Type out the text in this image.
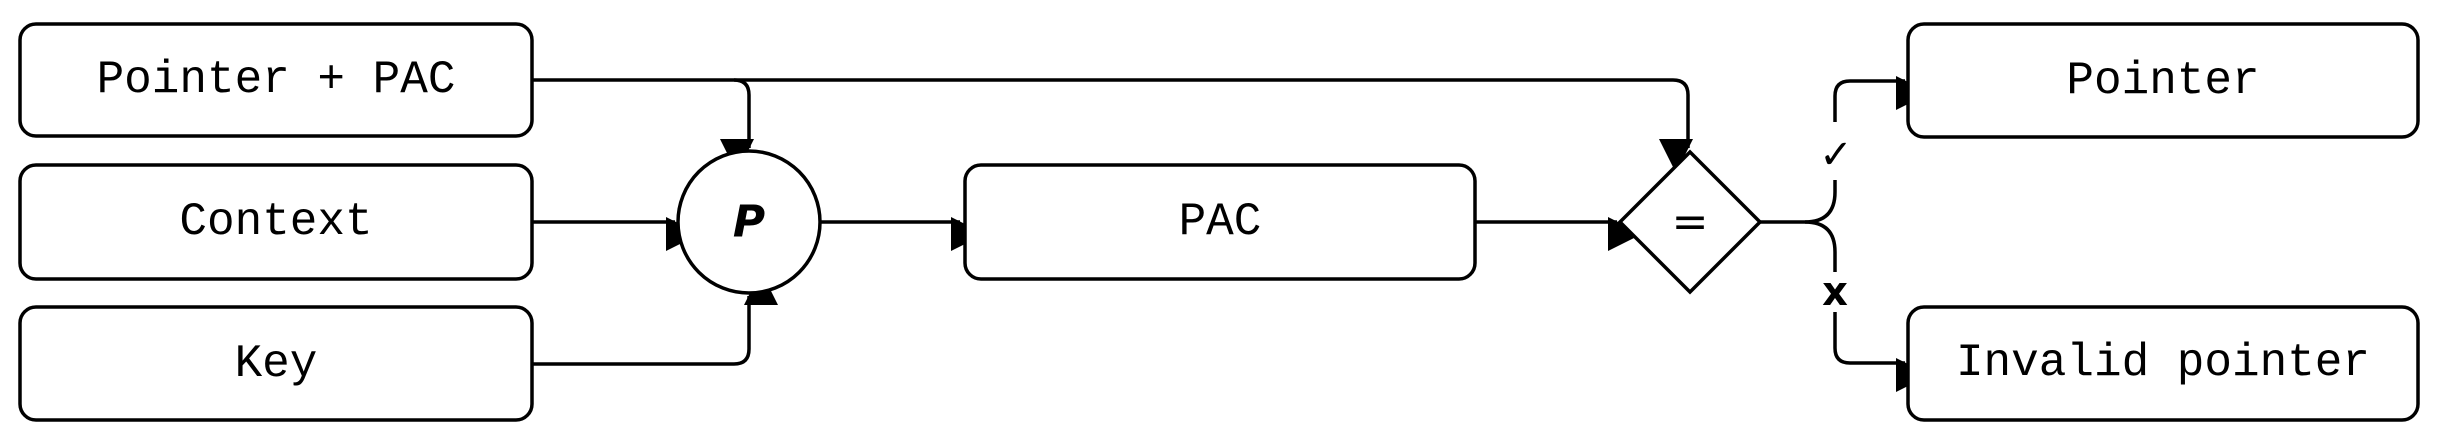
✓
x
Pointer + PAC
Context
Key
P	PAC	=
Pointer
Invalid pointer
